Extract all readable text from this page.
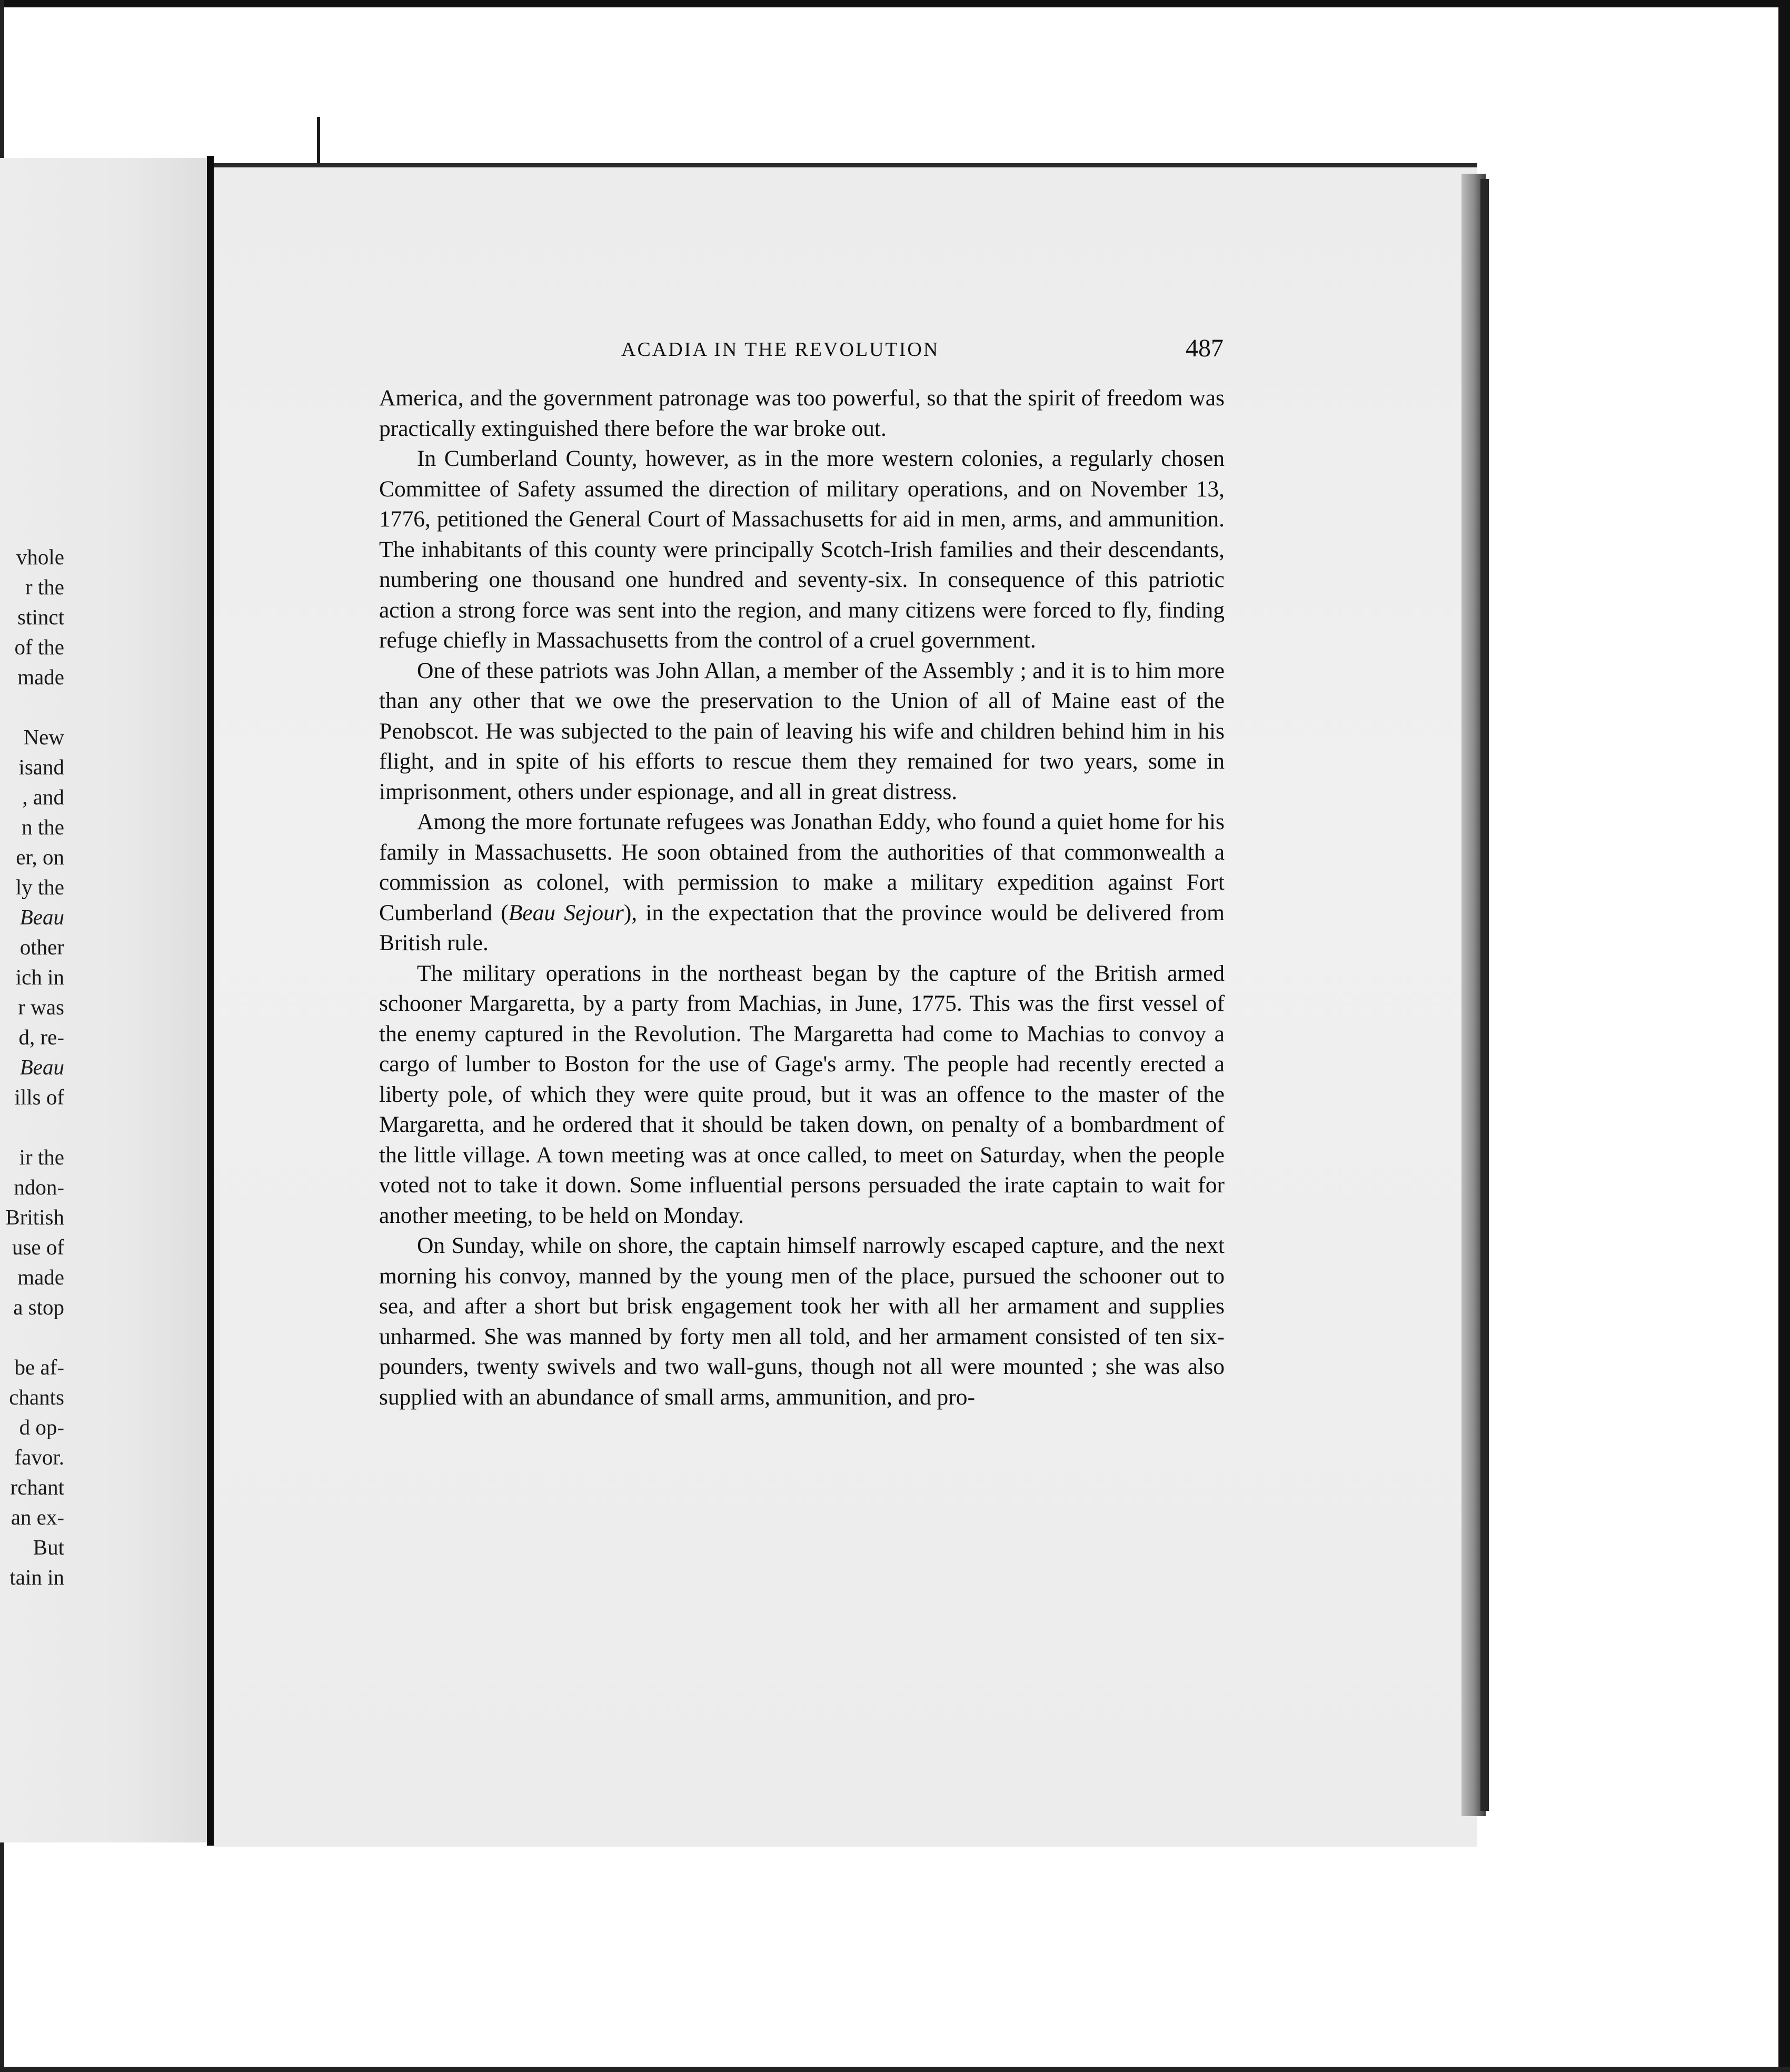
vhole
r the
stinct
of the
made
New
isand
, and
n the
er, on
ly the
Beau
other
ich in
r was
d, re-
Beau
ills of
ir the
ndon-
British
use of
made
a stop
be af-
chants
d op-
favor.
rchant
an ex-
But
tain in
ACADIA IN THE REVOLUTION	487

America, and the government patronage was too powerful, so that the spirit of freedom was practically extinguished there before the war broke out.

In Cumberland County, however, as in the more western colonies, a regularly chosen Committee of Safety assumed the direction of military operations, and on November 13, 1776, petitioned the General Court of Massachusetts for aid in men, arms, and ammunition. The inhabitants of this county were principally Scotch-Irish families and their descendants, numbering one thousand one hundred and seventy-six. In consequence of this patriotic action a strong force was sent into the region, and many citizens were forced to fly, finding refuge chiefly in Massachusetts from the control of a cruel government.

One of these patriots was John Allan, a member of the Assembly ; and it is to him more than any other that we owe the preservation to the Union of all of Maine east of the Penobscot. He was subjected to the pain of leaving his wife and children behind him in his flight, and in spite of his efforts to rescue them they remained for two years, some in imprisonment, others under espionage, and all in great distress.

Among the more fortunate refugees was Jonathan Eddy, who found a quiet home for his family in Massachusetts. He soon obtained from the authorities of that commonwealth a commission as colonel, with permission to make a military expedition against Fort Cumberland (Beau Sejour), in the expectation that the province would be delivered from British rule.

The military operations in the northeast began by the capture of the British armed schooner Margaretta, by a party from Machias, in June, 1775. This was the first vessel of the enemy captured in the Revolution. The Margaretta had come to Machias to convoy a cargo of lumber to Boston for the use of Gage's army. The people had recently erected a liberty pole, of which they were quite proud, but it was an offence to the master of the Margaretta, and he ordered that it should be taken down, on penalty of a bombardment of the little village. A town meeting was at once called, to meet on Saturday, when the people voted not to take it down. Some influential persons persuaded the irate captain to wait for another meeting, to be held on Monday.

On Sunday, while on shore, the captain himself narrowly escaped capture, and the next morning his convoy, manned by the young men of the place, pursued the schooner out to sea, and after a short but brisk engagement took her with all her armament and supplies unharmed. She was manned by forty men all told, and her armament consisted of ten six-pounders, twenty swivels and two wall-guns, though not all were mounted ; she was also supplied with an abundance of small arms, ammunition, and pro-
